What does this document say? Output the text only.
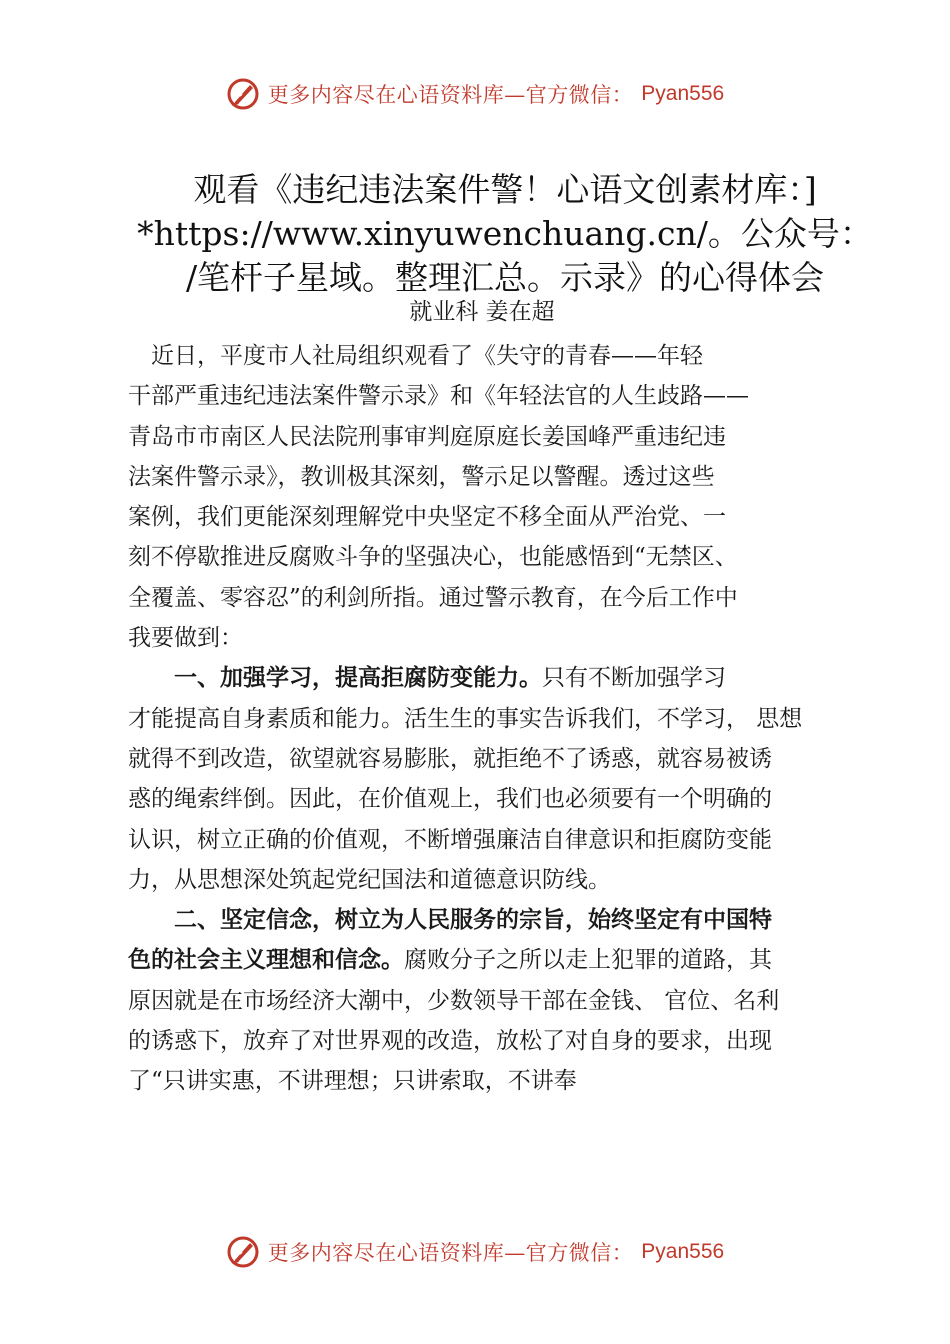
更多内容尽在心语资料库—官方微信： Pyan556
观看《违纪违法案件警！心语文创素材库：]
*https://www.xinyuwenchuang.cn/。公众号：
/笔杆子星域。整理汇总。示录》的心得体会
就业科 姜在超
　近日，平度市人社局组织观看了《失守的青春——年轻
干部严重违纪违法案件警示录》和《年轻法官的人生歧路——
青岛市市南区人民法院刑事审判庭原庭长姜国峰严重违纪违
法案件警示录》，教训极其深刻，警示足以警醒。透过这些
案例，我们更能深刻理解党中央坚定不移全面从严治党、一
刻不停歇推进反腐败斗争的坚强决心，也能感悟到“无禁区、
全覆盖、零容忍”的利剑所指。通过警示教育，在今后工作中
我要做到：
　　一、加强学习，提高拒腐防变能力。只有不断加强学习
才能提高自身素质和能力。活生生的事实告诉我们，不学习， 思想
就得不到改造，欲望就容易膨胀，就拒绝不了诱惑，就容易被诱
惑的绳索绊倒。因此，在价值观上，我们也必须要有一个明确的
认识，树立正确的价值观，不断增强廉洁自律意识和拒腐防变能
力，从思想深处筑起党纪国法和道德意识防线。
　　二、坚定信念，树立为人民服务的宗旨，始终坚定有中国特
色的社会主义理想和信念。腐败分子之所以走上犯罪的道路，其
原因就是在市场经济大潮中，少数领导干部在金钱、 官位、名利
的诱惑下，放弃了对世界观的改造，放松了对自身的要求，出现
了“只讲实惠，不讲理想；只讲索取，不讲奉
更多内容尽在心语资料库—官方微信： Pyan556
